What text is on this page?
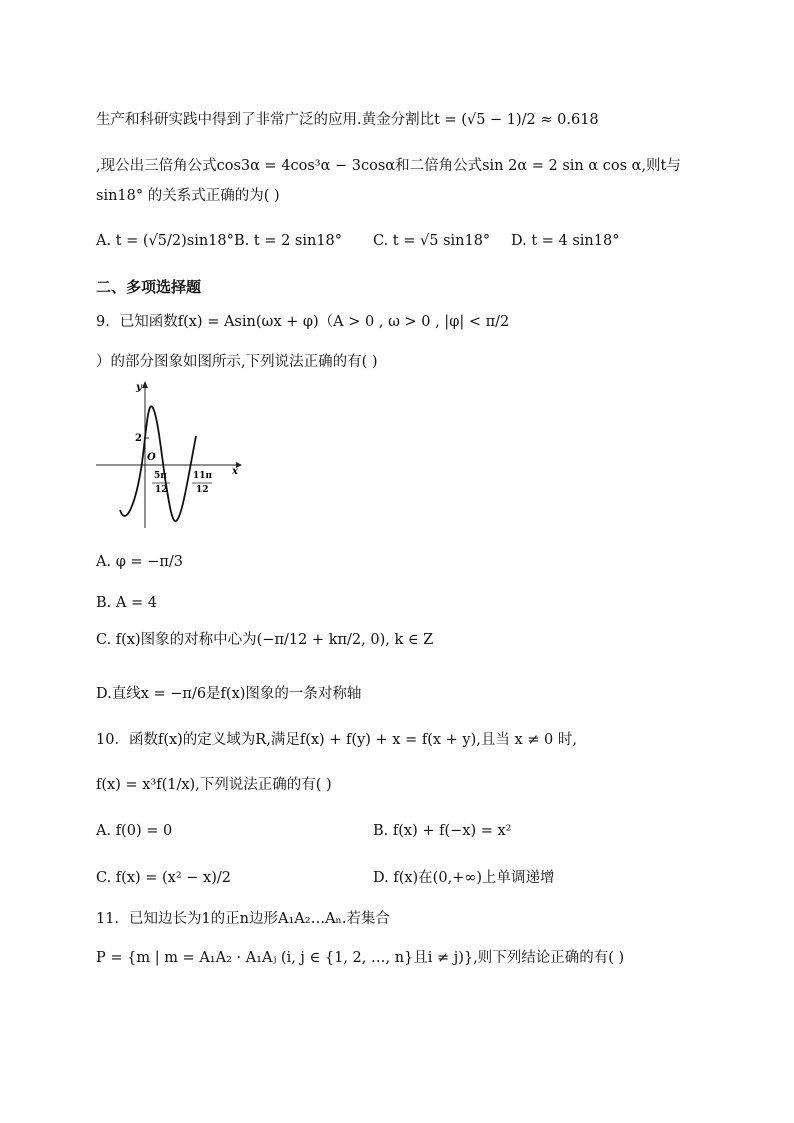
生产和科研实践中得到了非常广泛的应用.黄金分割比t = (√5 − 1)/2 ≈ 0.618
,现公出三倍角公式cos3α = 4cos³α − 3cosα和二倍角公式sin 2α = 2 sin α cos α,则t与
sin18° 的关系式正确的为( )
A. t = (√5/2)sin18° B. t = 2 sin18° C. t = √5 sin18° D. t = 4 sin18°
二、多项选择题
9．已知函数f(x) = Asin(ωx + φ)（A > 0 , ω > 0 , |φ| < π/2
）的部分图象如图所示,下列说法正确的有( )
y
x
O
2
5π
12
11π
12
A. φ = −π/3
B. A = 4
C. f(x)图象的对称中心为(−π/12 + kπ/2, 0), k ∈ Z
D.直线x = −π/6是f(x)图象的一条对称轴
10．函数f(x)的定义域为R,满足f(x) + f(y) + x = f(x + y),且当 x ≠ 0 时,
f(x) = x³f(1/x),下列说法正确的有( )
A. f(0) = 0	B. f(x) + f(−x) = x²
C. f(x) = (x² − x)/2	D. f(x)在(0,+∞)上单调递增
11．已知边长为1的正n边形A₁A₂…Aₙ.若集合
P = {m | m = A₁A₂ · A₁Aⱼ (i, j ∈ {1, 2, …, n}且i ≠ j)},则下列结论正确的有( )
